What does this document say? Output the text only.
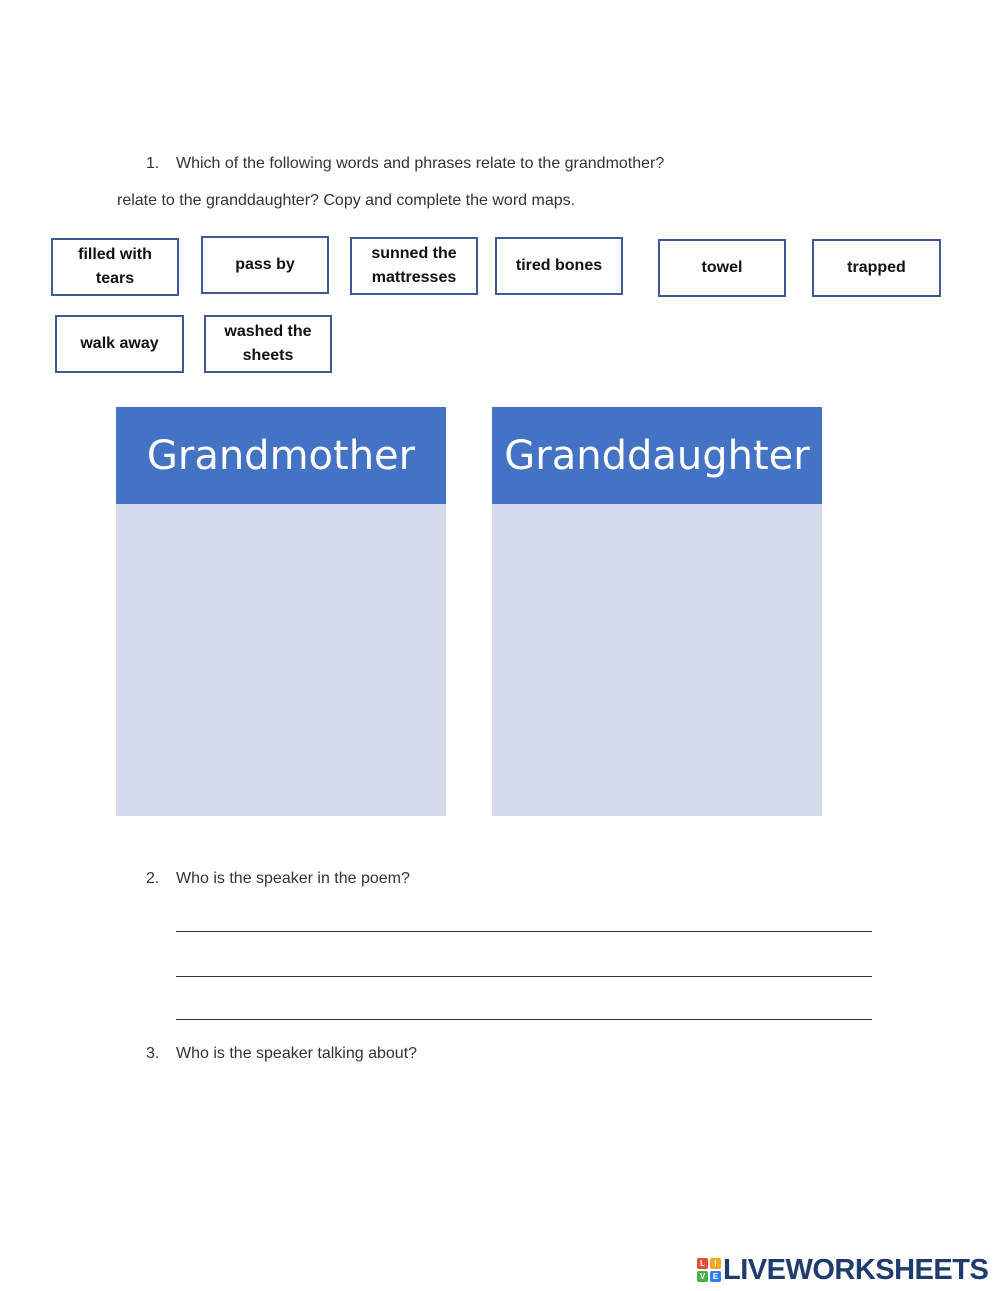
1. Which of the following words and phrases relate to the grandmother?
relate to the granddaughter? Copy and complete the word maps.
filled with tears
pass by
sunned the mattresses
tired bones	towel	trapped
walk away
washed the sheets
Grandmother	Granddaughter
2. Who is the speaker in the poem?
3. Who is the speaker talking about?
L	I
V E LIVEWORKSHEETS
